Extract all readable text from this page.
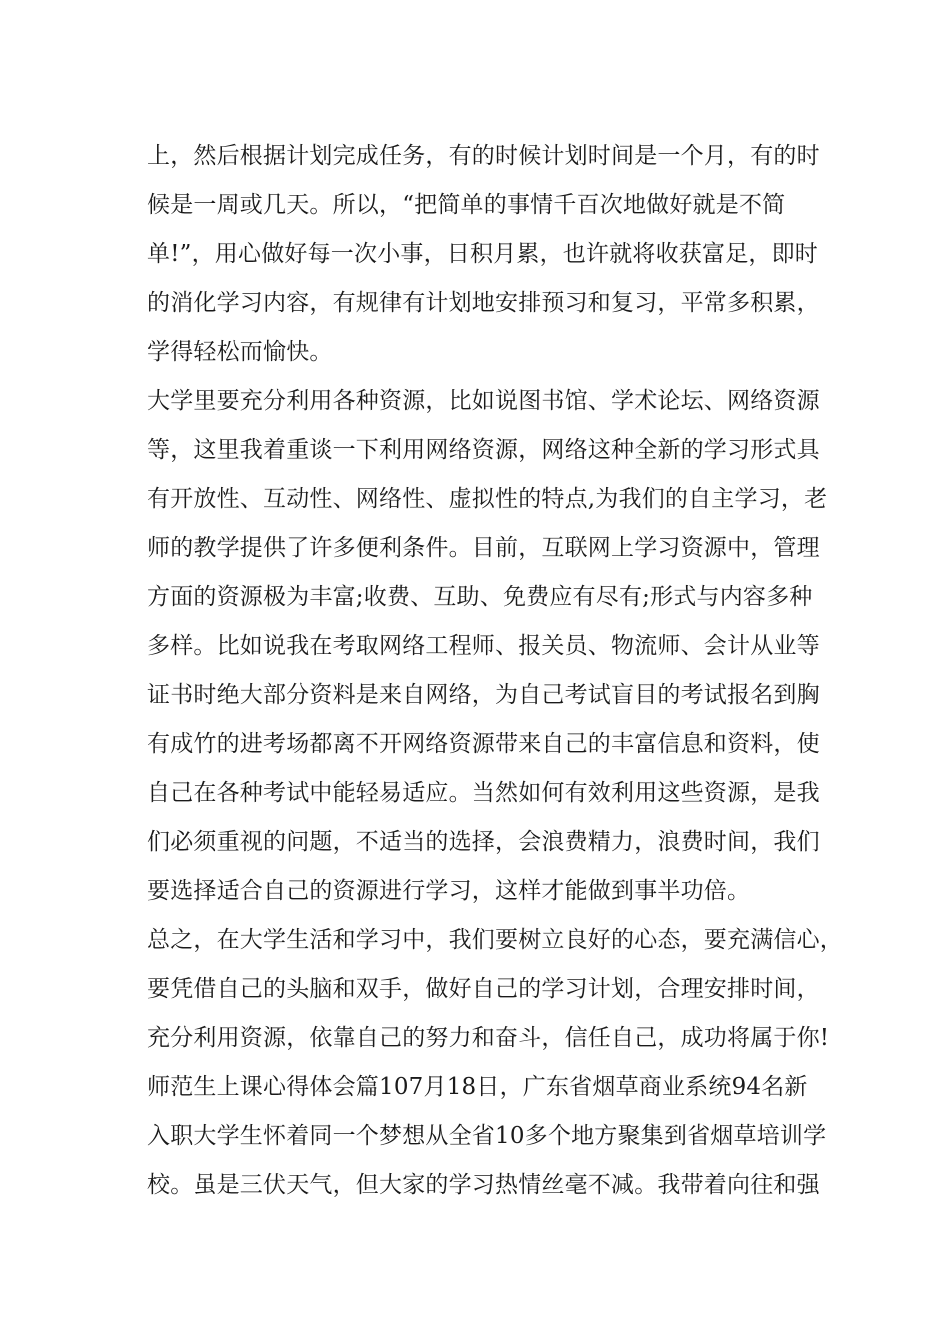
上，然后根据计划完成任务，有的时候计划时间是一个月，有的时
候是一周或几天。所以，“把简单的事情千百次地做好就是不简
单!”，用心做好每一次小事，日积月累，也许就将收获富足，即时
的消化学习内容，有规律有计划地安排预习和复习，平常多积累，
学得轻松而愉快。
大学里要充分利用各种资源，比如说图书馆、学术论坛、网络资源
等，这里我着重谈一下利用网络资源，网络这种全新的学习形式具
有开放性、互动性、网络性、虚拟性的特点,为我们的自主学习，老
师的教学提供了许多便利条件。目前，互联网上学习资源中，管理
方面的资源极为丰富;收费、互助、免费应有尽有;形式与内容多种
多样。比如说我在考取网络工程师、报关员、物流师、会计从业等
证书时绝大部分资料是来自网络，为自己考试盲目的考试报名到胸
有成竹的进考场都离不开网络资源带来自己的丰富信息和资料，使
自己在各种考试中能轻易适应。当然如何有效利用这些资源，是我
们必须重视的问题，不适当的选择，会浪费精力，浪费时间，我们
要选择适合自己的资源进行学习，这样才能做到事半功倍。
总之，在大学生活和学习中，我们要树立良好的心态，要充满信心，
要凭借自己的头脑和双手，做好自己的学习计划，合理安排时间，
充分利用资源，依靠自己的努力和奋斗，信任自己，成功将属于你!
师范生上课心得体会篇107月18日，广东省烟草商业系统94名新
入职大学生怀着同一个梦想从全省10多个地方聚集到省烟草培训学
校。虽是三伏天气，但大家的学习热情丝毫不减。我带着向往和强
